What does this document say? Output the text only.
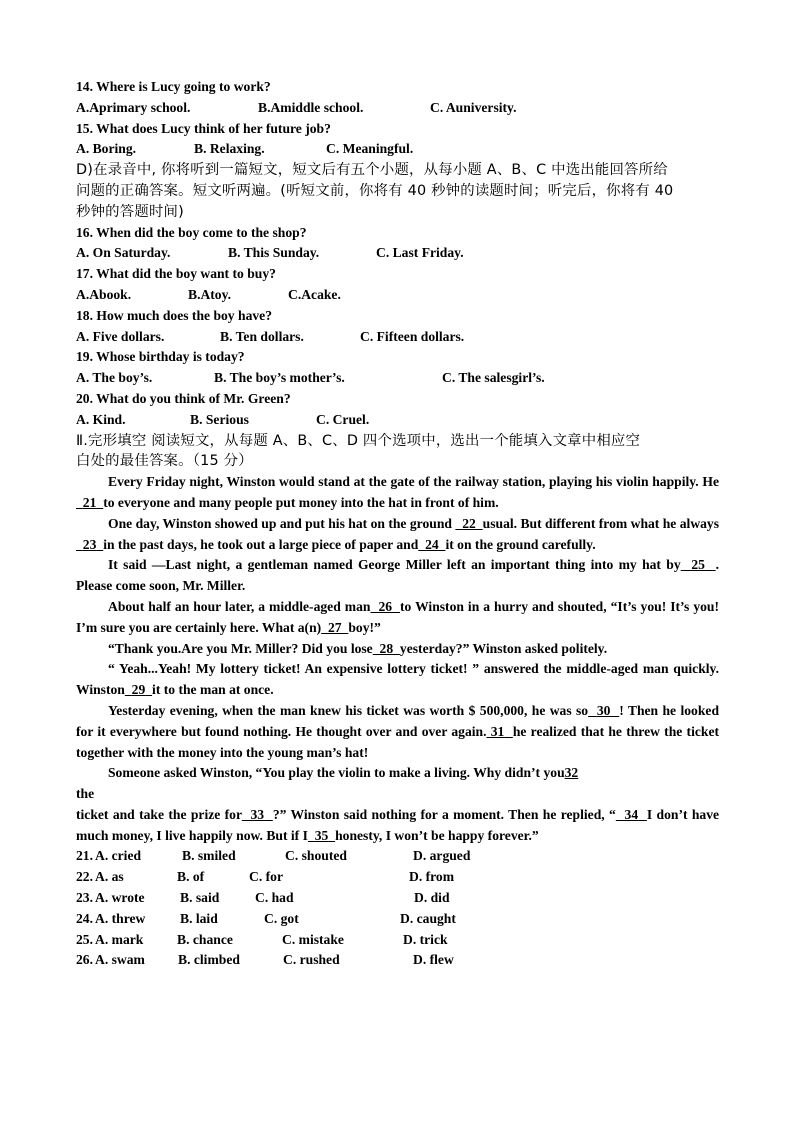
14. Where is Lucy going to work?
A.Aprimary school.	B.Amiddle school.	C. Auniversity.
15. What does Lucy think of her future job?
A. Boring.	B. Relaxing.	C. Meaningful.
D)在录音中, 你将听到一篇短文，短文后有五个小题，从每小题 A、B、C 中选出能回答所给
问题的正确答案。短文听两遍。(听短文前，你将有 40 秒钟的读题时间；听完后，你将有 40
秒钟的答题时间)
16. When did the boy come to the shop?
A. On Saturday.	B. This Sunday.	C. Last Friday.
17. What did the boy want to buy?
A.Abook.	B.Atoy.	C.Acake.
18. How much does the boy have?
A. Five dollars.	B. Ten dollars.	C. Fifteen dollars.
19. Whose birthday is today?
A. The boy’s.	B. The boy’s mother’s.	C. The salesgirl’s.
20. What do you think of Mr. Green?
A. Kind.	B. Serious	C. Cruel.
Ⅱ.完形填空 阅读短文，从每题 A、B、C、D 四个选项中，选出一个能填入文章中相应空
白处的最佳答案。（15 分）
Every Friday night, Winston would stand at the gate of the railway station, playing his violin happily. He  21 to everyone and many people put money into the hat in front of him.
One day, Winston showed up and put his hat on the ground   22 usual. But different from what he always  23 in the past days, he took out a large piece of paper and 24 it on the ground carefully.
It said —Last night, a gentleman named George Miller left an important thing into my hat by 25 . Please come soon, Mr. Miller.
About half an hour later, a middle-aged man 26 to Winston in a hurry and shouted, “It’s you! It’s you! I’m sure you are certainly here. What a(n) 27 boy!”
“Thank you.Are you Mr. Miller? Did you lose 28 yesterday?” Winston asked politely.
“ Yeah...Yeah! My lottery ticket! An expensive lottery ticket! ” answered the middle-aged man quickly. Winston 29 it to the man at once.
Yesterday evening, when the man knew his ticket was worth $ 500,000, he was so 30 ! Then he looked for it everywhere but found nothing. He thought over and over again. 31 he realized that he threw the ticket together with the money into the young man’s hat!
Someone asked Winston, “You play the violin to make a living. Why didn’t you32
the
ticket and take the prize for 33 ?” Winston said nothing for a moment. Then he replied, “ 34 I don’t have much money, I live happily now. But if I 35 honesty, I won’t be happy forever.”
21. A. cried	B. smiled	C. shouted	D. argued
22. A. as	B. of	C. for	D. from
23. A. wrote	B. said	C. had	D. did
24. A. threw	B. laid	C. got	D. caught
25. A. mark B. chance	C. mistake	D. trick
26. A. swam B. climbed	C. rushed	D. flew
